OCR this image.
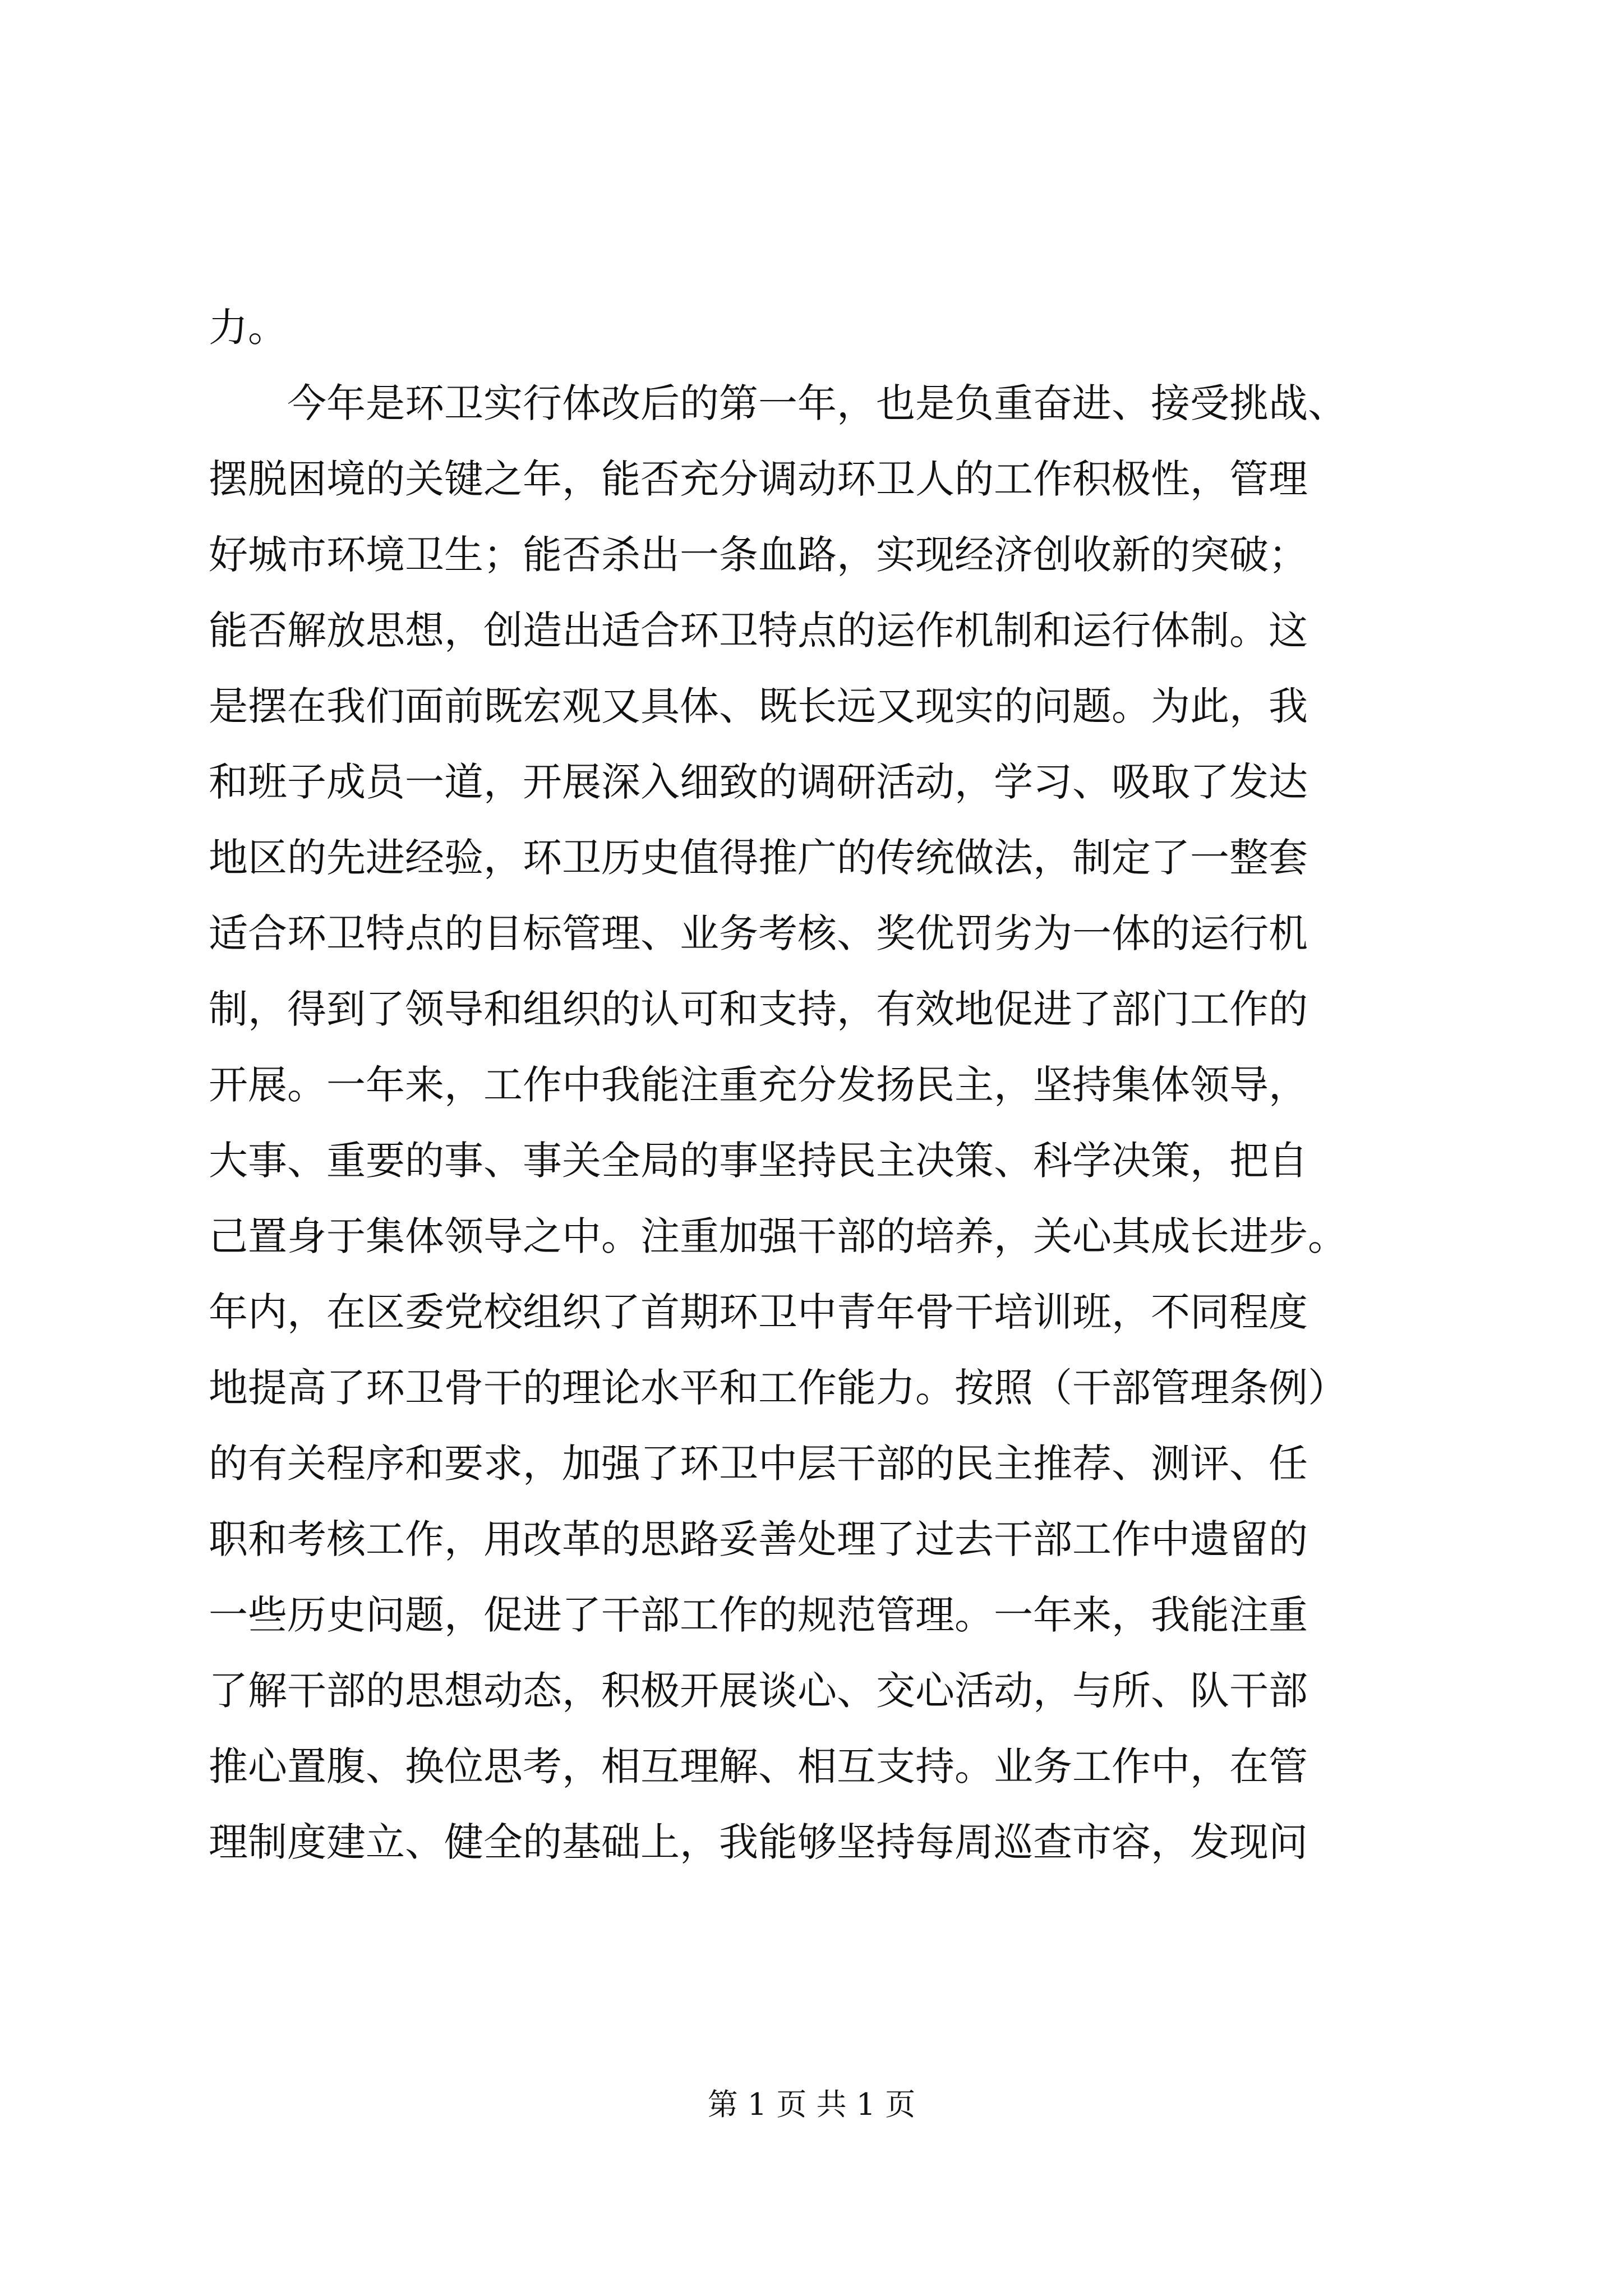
力。
　　今年是环卫实行体改后的第一年，也是负重奋进、接受挑战、
摆脱困境的关键之年，能否充分调动环卫人的工作积极性，管理
好城市环境卫生；能否杀出一条血路，实现经济创收新的突破；
能否解放思想，创造出适合环卫特点的运作机制和运行体制。这
是摆在我们面前既宏观又具体、既长远又现实的问题。为此，我
和班子成员一道，开展深入细致的调研活动，学习、吸取了发达
地区的先进经验，环卫历史值得推广的传统做法，制定了一整套
适合环卫特点的目标管理、业务考核、奖优罚劣为一体的运行机
制，得到了领导和组织的认可和支持，有效地促进了部门工作的
开展。一年来，工作中我能注重充分发扬民主，坚持集体领导，
大事、重要的事、事关全局的事坚持民主决策、科学决策，把自
己置身于集体领导之中。注重加强干部的培养，关心其成长进步。
年内，在区委党校组织了首期环卫中青年骨干培训班，不同程度
地提高了环卫骨干的理论水平和工作能力。按照（干部管理条例）
的有关程序和要求，加强了环卫中层干部的民主推荐、测评、任
职和考核工作，用改革的思路妥善处理了过去干部工作中遗留的
一些历史问题，促进了干部工作的规范管理。一年来，我能注重
了解干部的思想动态，积极开展谈心、交心活动，与所、队干部
推心置腹、换位思考，相互理解、相互支持。业务工作中，在管
理制度建立、健全的基础上，我能够坚持每周巡查市容，发现问
第 1 页 共 1 页
